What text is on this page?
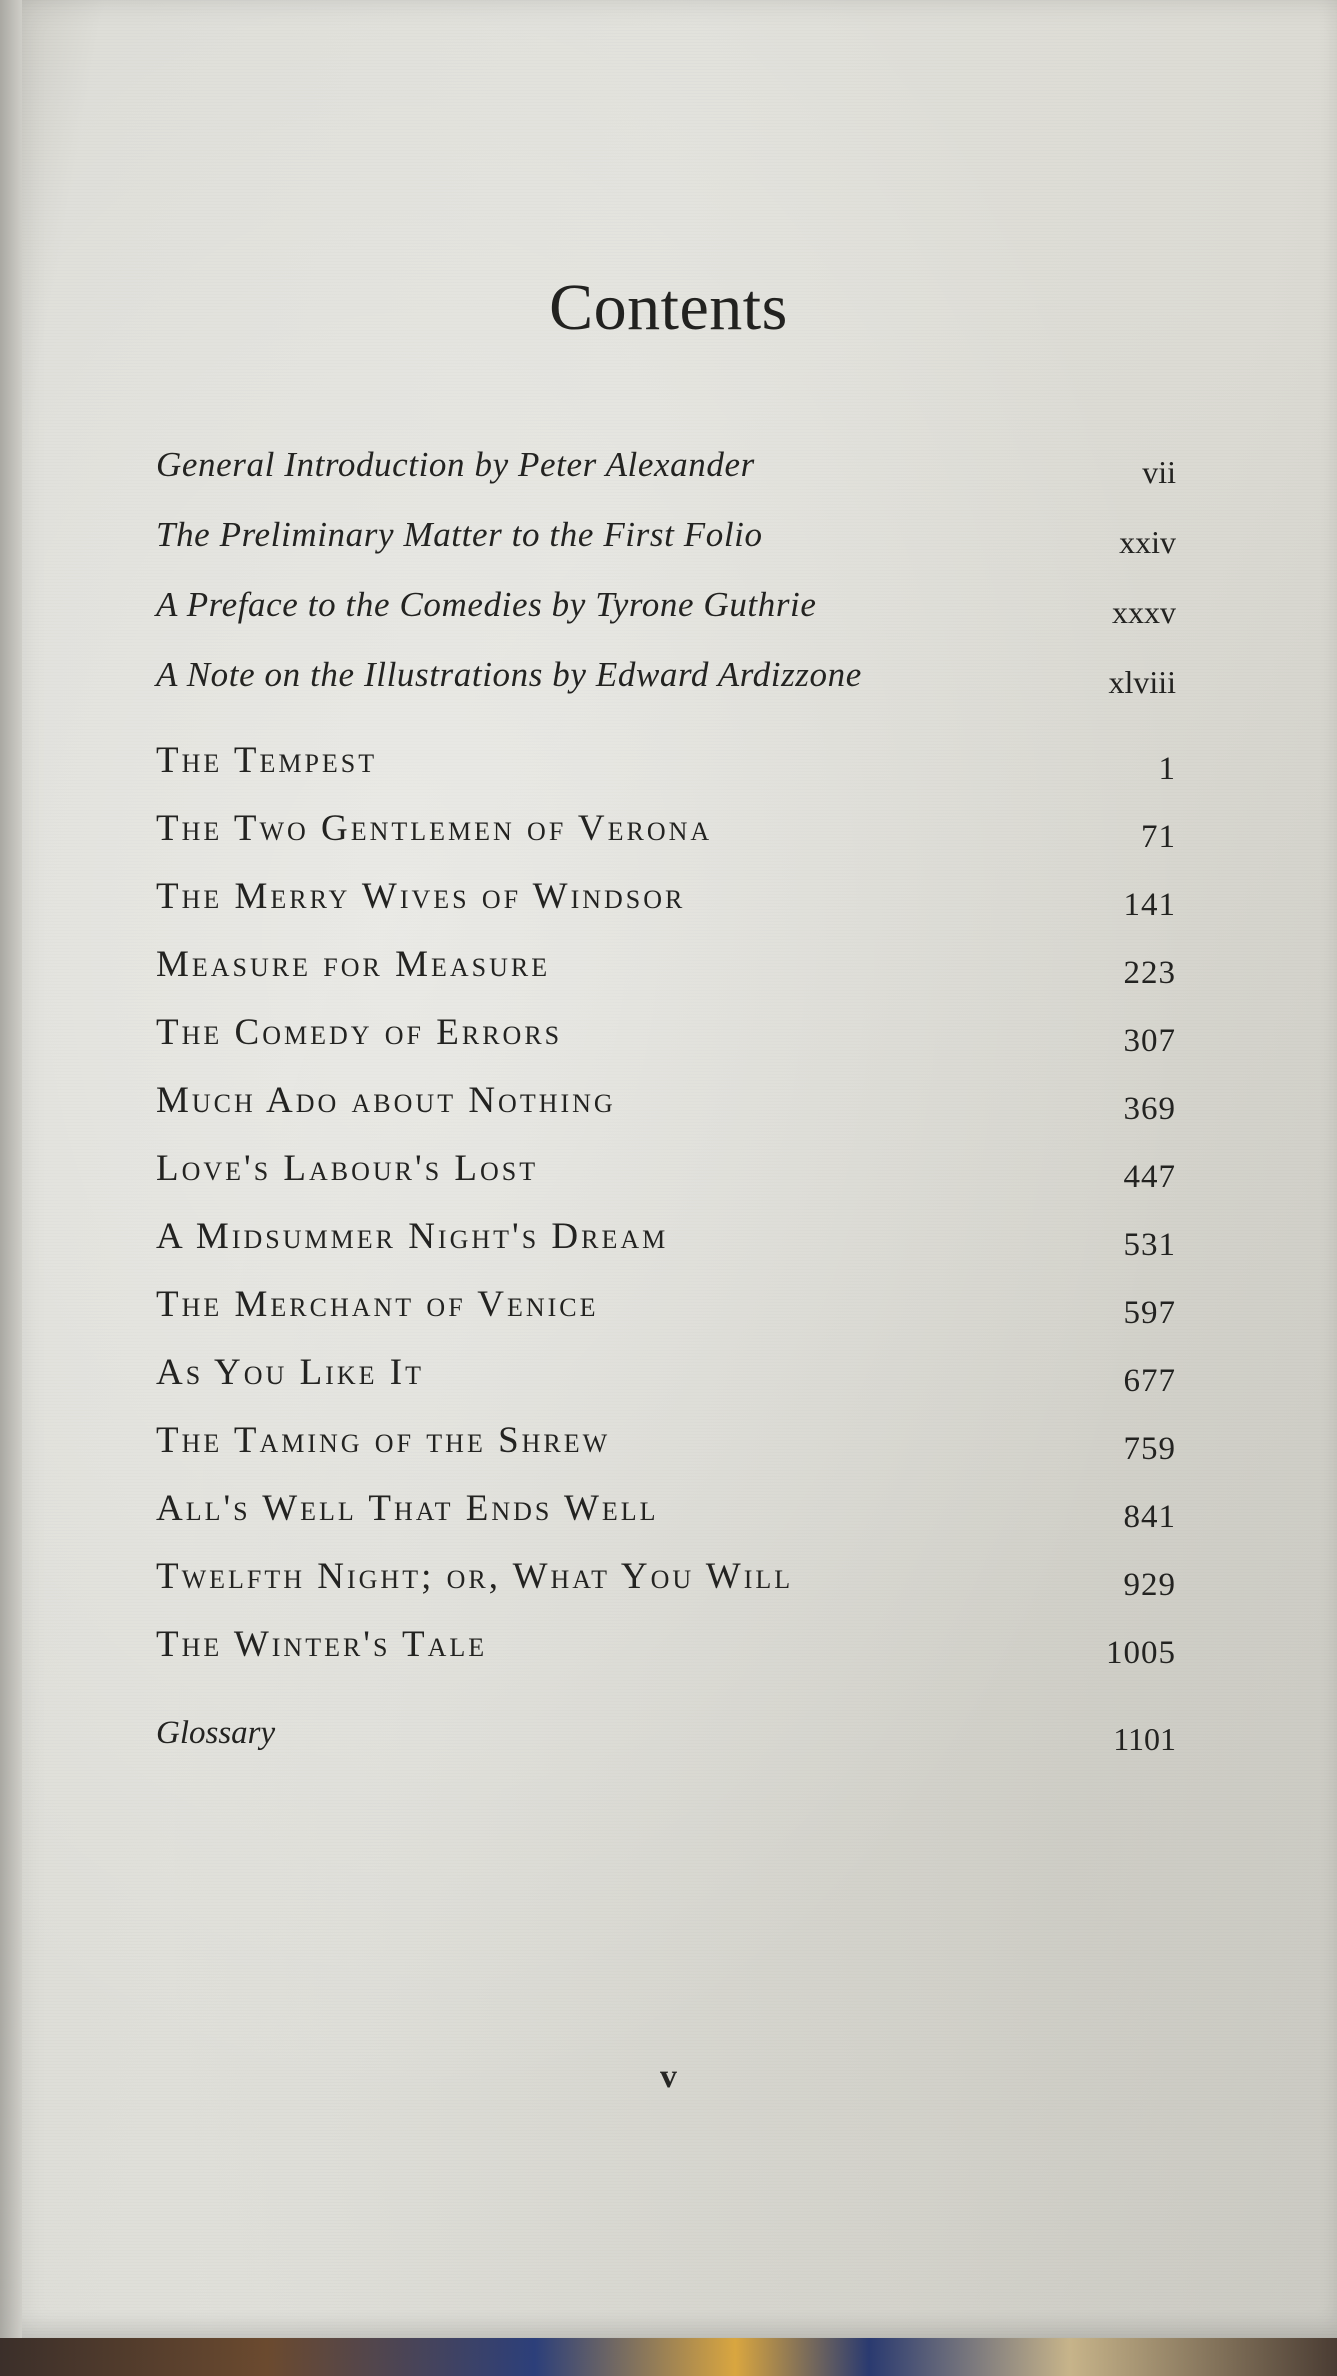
Contents
General Introduction by Peter Alexander	vii
The Preliminary Matter to the First Folio	xxiv
A Preface to the Comedies by Tyrone Guthrie	xxxv
A Note on the Illustrations by Edward Ardizzone	xlviii
The Tempest	1
The Two Gentlemen of Verona	71
The Merry Wives of Windsor	141
Measure for Measure	223
The Comedy of Errors	307
Much Ado about Nothing	369
Love's Labour's Lost	447
A Midsummer Night's Dream	531
The Merchant of Venice	597
As You Like It	677
The Taming of the Shrew	759
All's Well That Ends Well	841
Twelfth Night; or, What You Will	929
The Winter's Tale	1005
Glossary	1101
v
